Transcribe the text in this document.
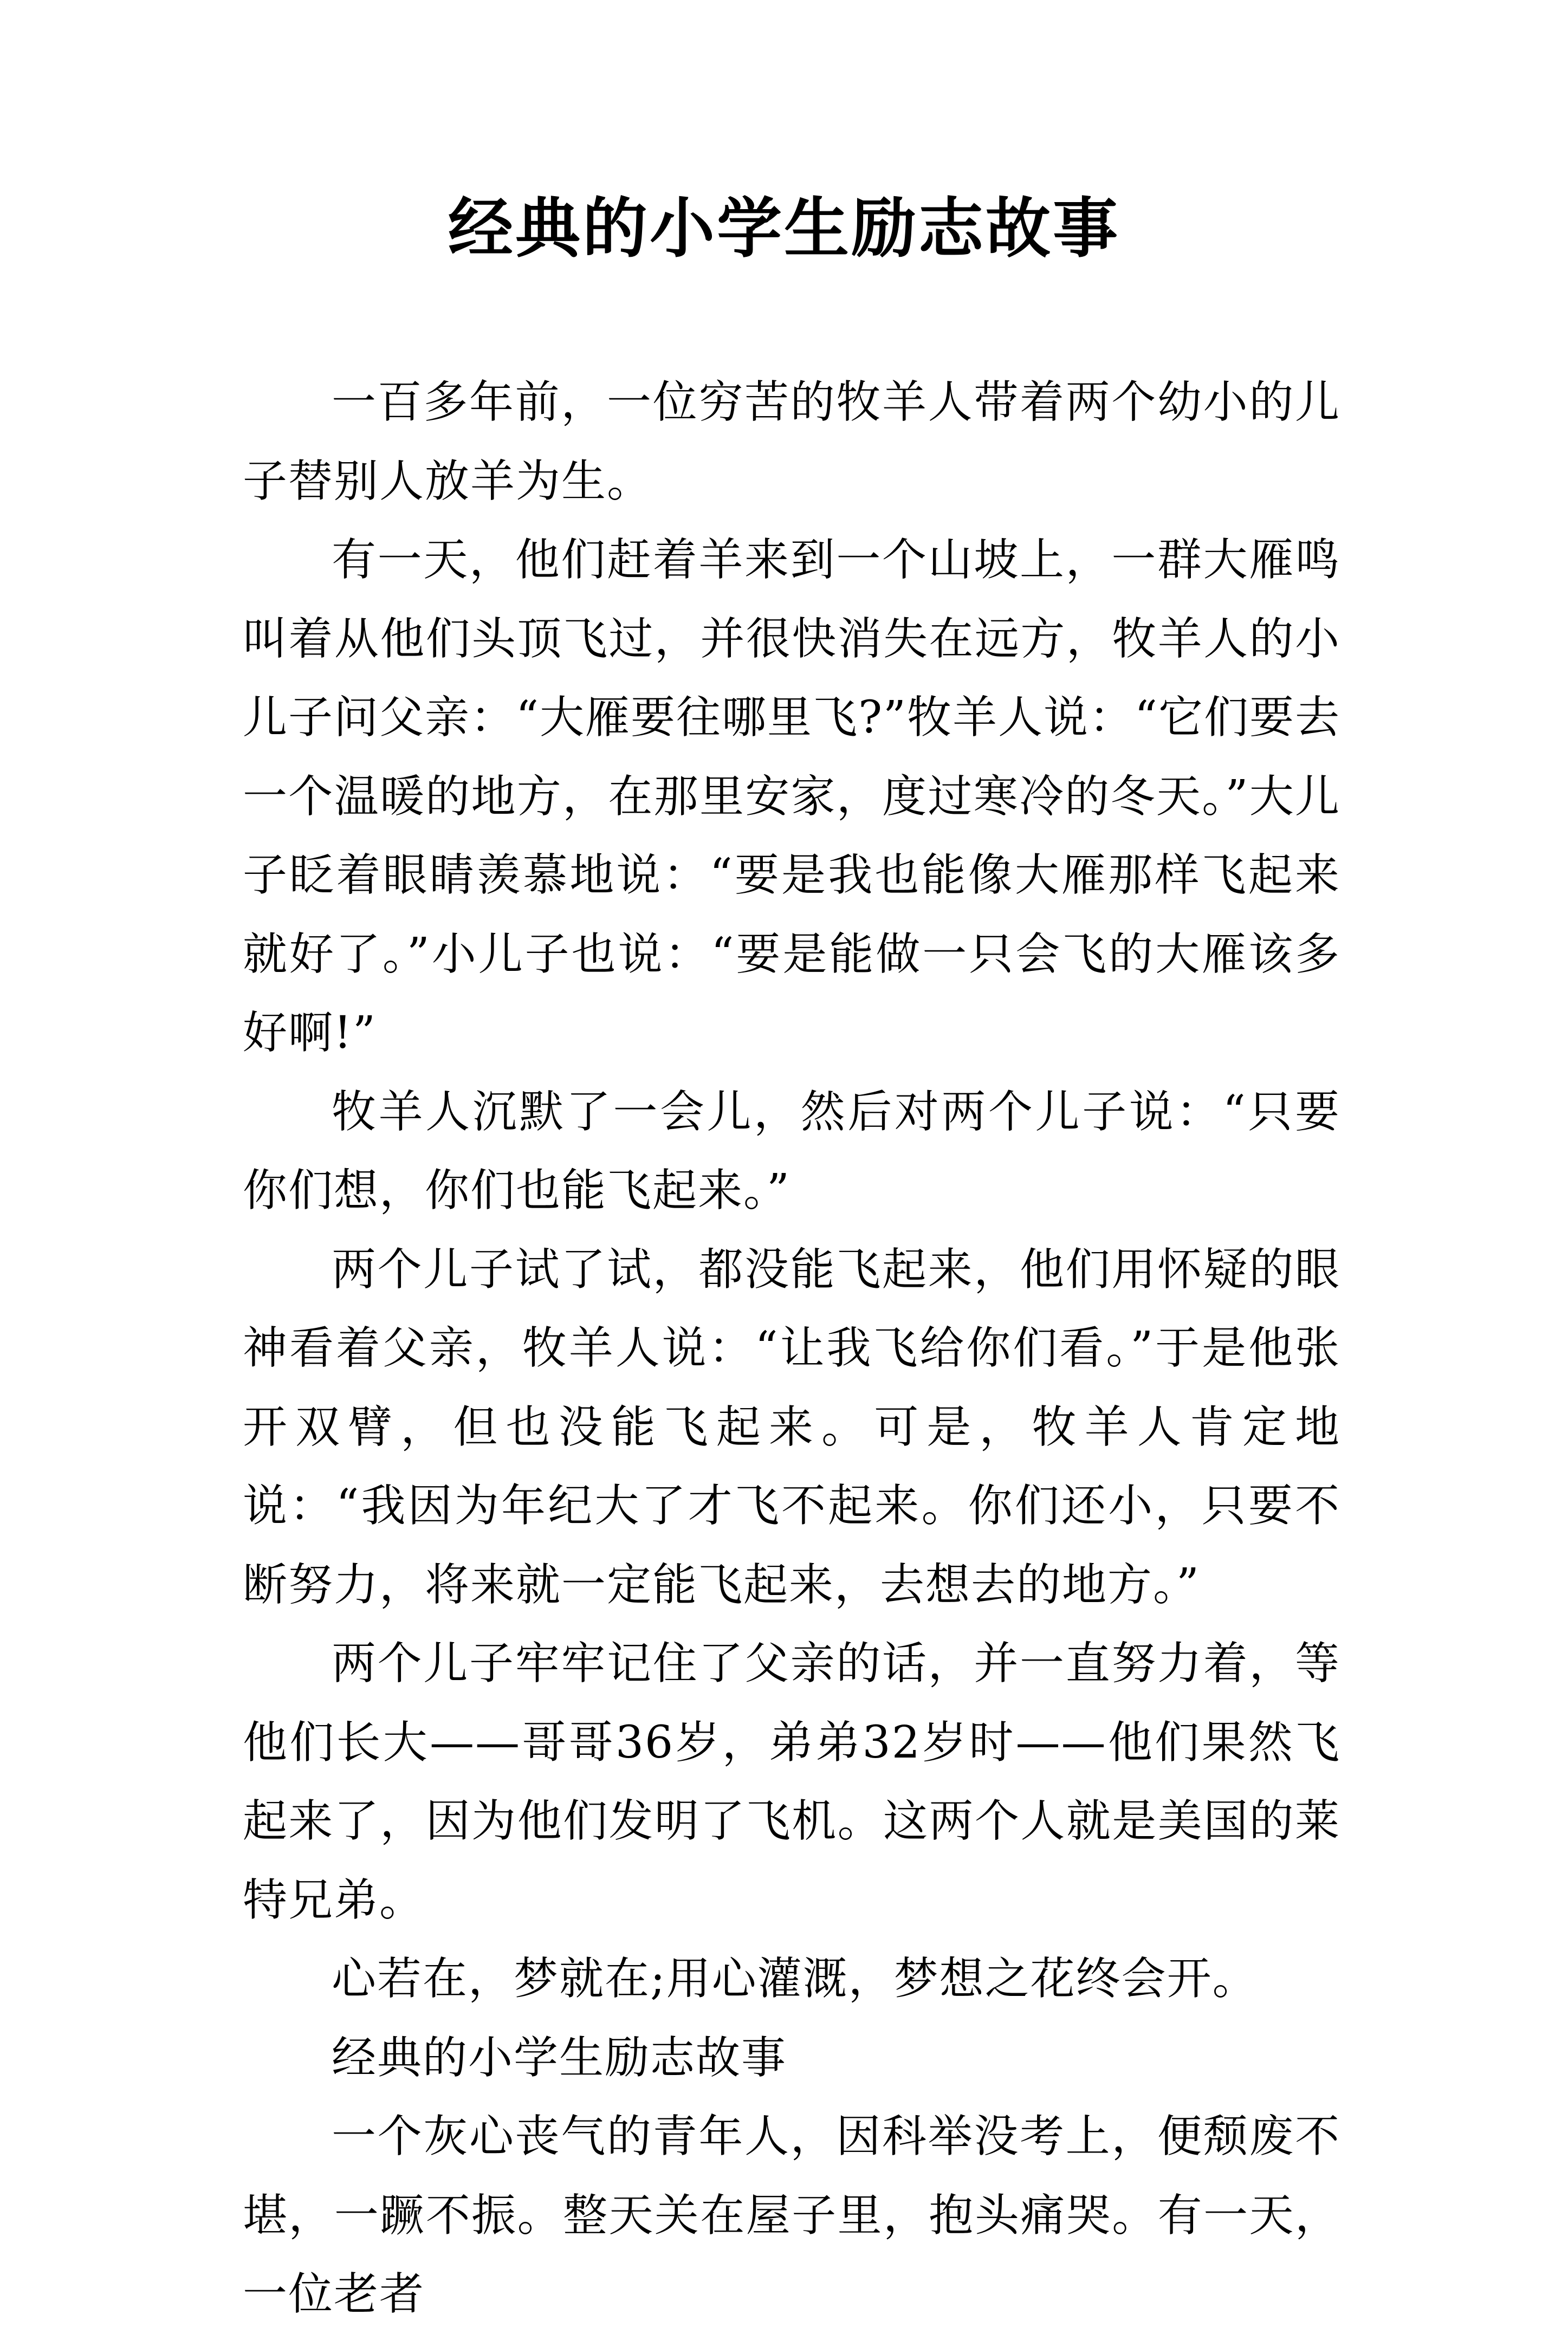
经典的小学生励志故事

一百多年前，一位穷苦的牧羊人带着两个幼小的儿子替别人放羊为生。

有一天，他们赶着羊来到一个山坡上，一群大雁鸣叫着从他们头顶飞过，并很快消失在远方，牧羊人的小儿子问父亲：“大雁要往哪里飞?”牧羊人说：“它们要去一个温暖的地方，在那里安家，度过寒冷的冬天。”大儿子眨着眼睛羡慕地说：“要是我也能像大雁那样飞起来就好了。”小儿子也说：“要是能做一只会飞的大雁该多好啊!”

牧羊人沉默了一会儿，然后对两个儿子说：“只要你们想，你们也能飞起来。”

两个儿子试了试，都没能飞起来，他们用怀疑的眼神看着父亲，牧羊人说：“让我飞给你们看。”于是他张开双臂，但也没能飞起来。可是，牧羊人肯定地说：“我因为年纪大了才飞不起来。你们还小，只要不断努力，将来就一定能飞起来，去想去的地方。”

两个儿子牢牢记住了父亲的话，并一直努力着，等他们长大——哥哥36岁，弟弟32岁时——他们果然飞起来了，因为他们发明了飞机。这两个人就是美国的莱特兄弟。

心若在，梦就在;用心灌溉，梦想之花终会开。

经典的小学生励志故事

一个灰心丧气的青年人，因科举没考上，便颓废不堪，一蹶不振。整天关在屋子里，抱头痛哭。有一天，一位老者
